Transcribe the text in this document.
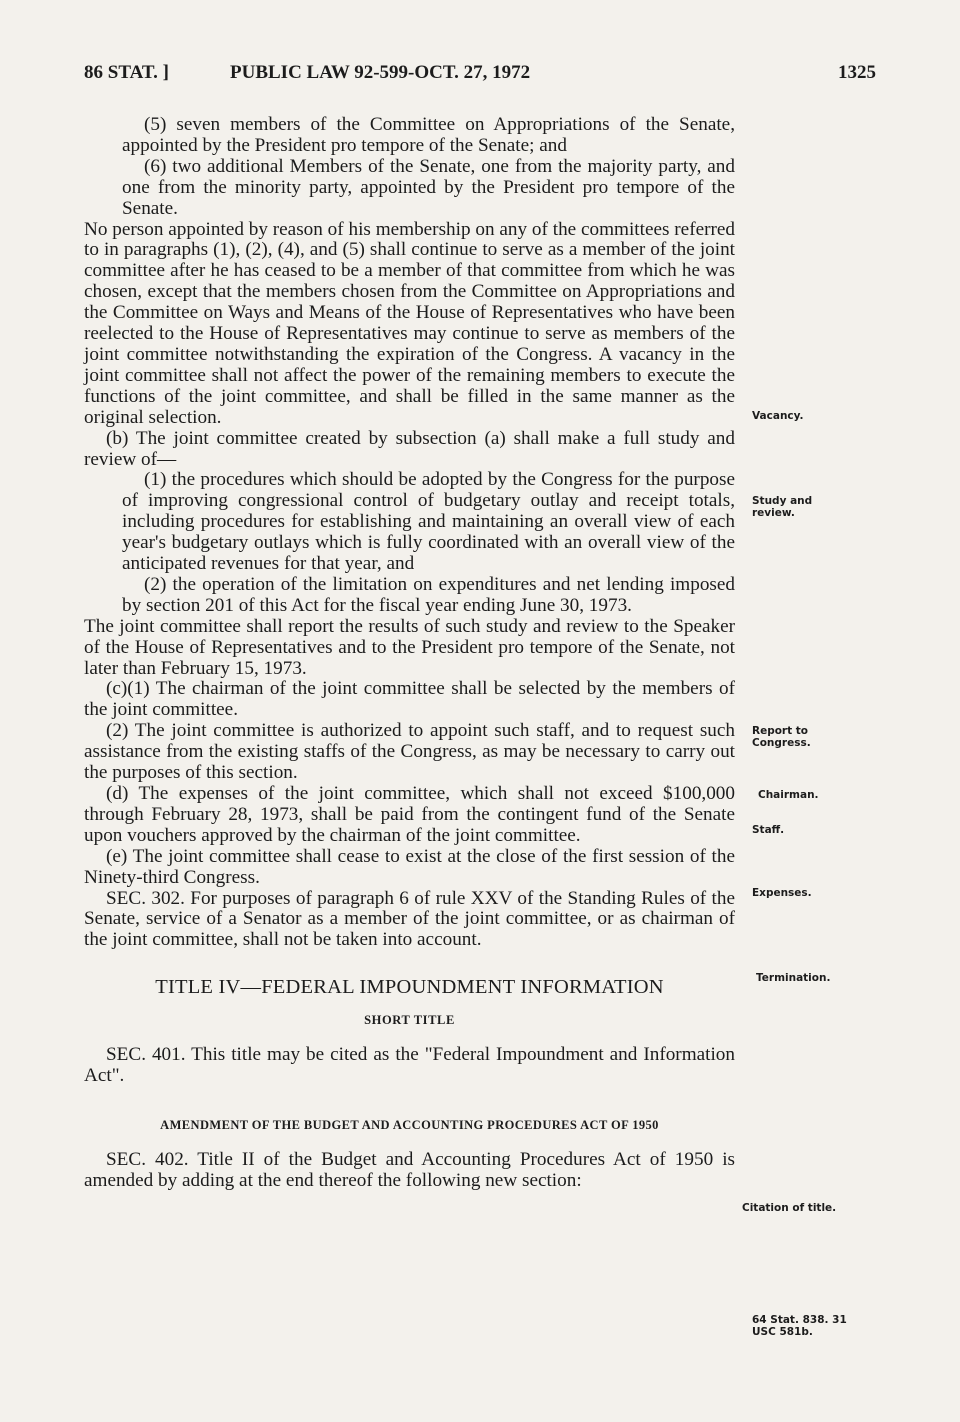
86 STAT. ]	PUBLIC LAW 92-599-OCT. 27, 1972	1325

(5) seven members of the Committee on Appropriations of the Senate, appointed by the President pro tempore of the Senate; and

(6) two additional Members of the Senate, one from the majority party, and one from the minority party, appointed by the President pro tempore of the Senate.

No person appointed by reason of his membership on any of the committees referred to in paragraphs (1), (2), (4), and (5) shall continue to serve as a member of the joint committee after he has ceased to be a member of that committee from which he was chosen, except that the members chosen from the Committee on Appropriations and the Committee on Ways and Means of the House of Representatives who have been reelected to the House of Representatives may continue to serve as members of the joint committee notwithstanding the expiration of the Congress. A vacancy in the joint committee shall not affect the power of the remaining members to execute the functions of the joint committee, and shall be filled in the same manner as the original selection.

(b) The joint committee created by subsection (a) shall make a full study and review of—

(1) the procedures which should be adopted by the Congress for the purpose of improving congressional control of budgetary outlay and receipt totals, including procedures for establishing and maintaining an overall view of each year's budgetary outlays which is fully coordinated with an overall view of the anticipated revenues for that year, and

(2) the operation of the limitation on expenditures and net lending imposed by section 201 of this Act for the fiscal year ending June 30, 1973.

The joint committee shall report the results of such study and review to the Speaker of the House of Representatives and to the President pro tempore of the Senate, not later than February 15, 1973.

(c)(1) The chairman of the joint committee shall be selected by the members of the joint committee.

(2) The joint committee is authorized to appoint such staff, and to request such assistance from the existing staffs of the Congress, as may be necessary to carry out the purposes of this section.

(d) The expenses of the joint committee, which shall not exceed $100,000 through February 28, 1973, shall be paid from the contingent fund of the Senate upon vouchers approved by the chairman of the joint committee.

(e) The joint committee shall cease to exist at the close of the first session of the Ninety-third Congress.

SEC. 302. For purposes of paragraph 6 of rule XXV of the Standing Rules of the Senate, service of a Senator as a member of the joint committee, or as chairman of the joint committee, shall not be taken into account.

TITLE IV—FEDERAL IMPOUNDMENT INFORMATION

SHORT TITLE

SEC. 401. This title may be cited as the "Federal Impoundment and Information Act".

AMENDMENT OF THE BUDGET AND ACCOUNTING PROCEDURES ACT OF 1950

SEC. 402. Title II of the Budget and Accounting Procedures Act of 1950 is amended by adding at the end thereof the following new section:

Vacancy.
Study and review.
Report to Congress.
Chairman.
Staff.
Expenses.
Termination.
Citation of title.
64 Stat. 838. 31 USC 581b.
